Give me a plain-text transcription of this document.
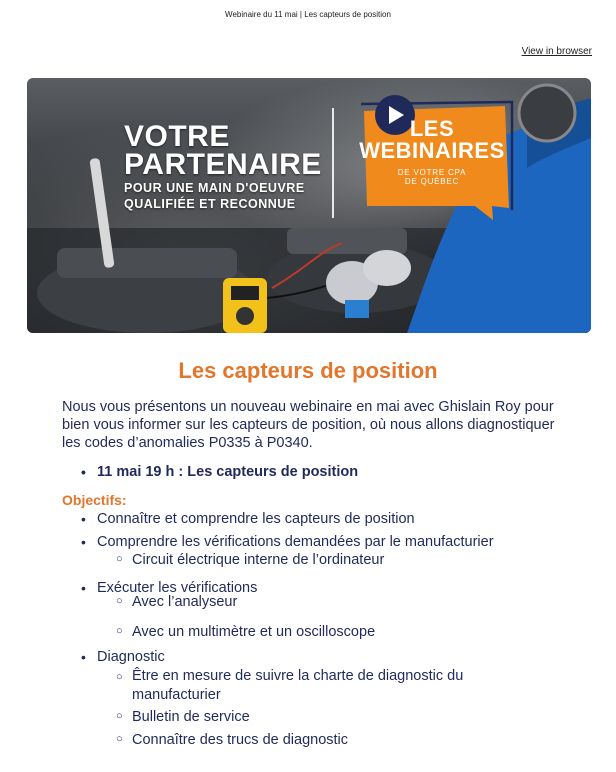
Webinaire du 11 mai | Les capteurs de position
View in browser
VOTRE
PARTENAIRE
POUR UNE MAIN D'OEUVRE
QUALIFIÉE ET RECONNUE
LES
WEBINAIRES
DE VOTRE CPA
DE QUÉBEC
Les capteurs de position

Nous vous présentons un nouveau webinaire en mai avec Ghislain Roy pour bien vous informer sur les capteurs de position, où nous allons diagnostiquer les codes d’anomalies P0335 à P0340.

• 11 mai 19 h : Les capteurs de position
Objectifs:
• Connaître et comprendre les capteurs de position
• Comprendre les vérifications demandées par le manufacturier
○ Circuit électrique interne de l’ordinateur
• Exécuter les vérifications
○ Avec l’analyseur
○ Avec un multimètre et un oscilloscope
• Diagnostic
○ Être en mesure de suivre la charte de diagnostic du manufacturier
○ Bulletin de service
○ Connaître des trucs de diagnostic
